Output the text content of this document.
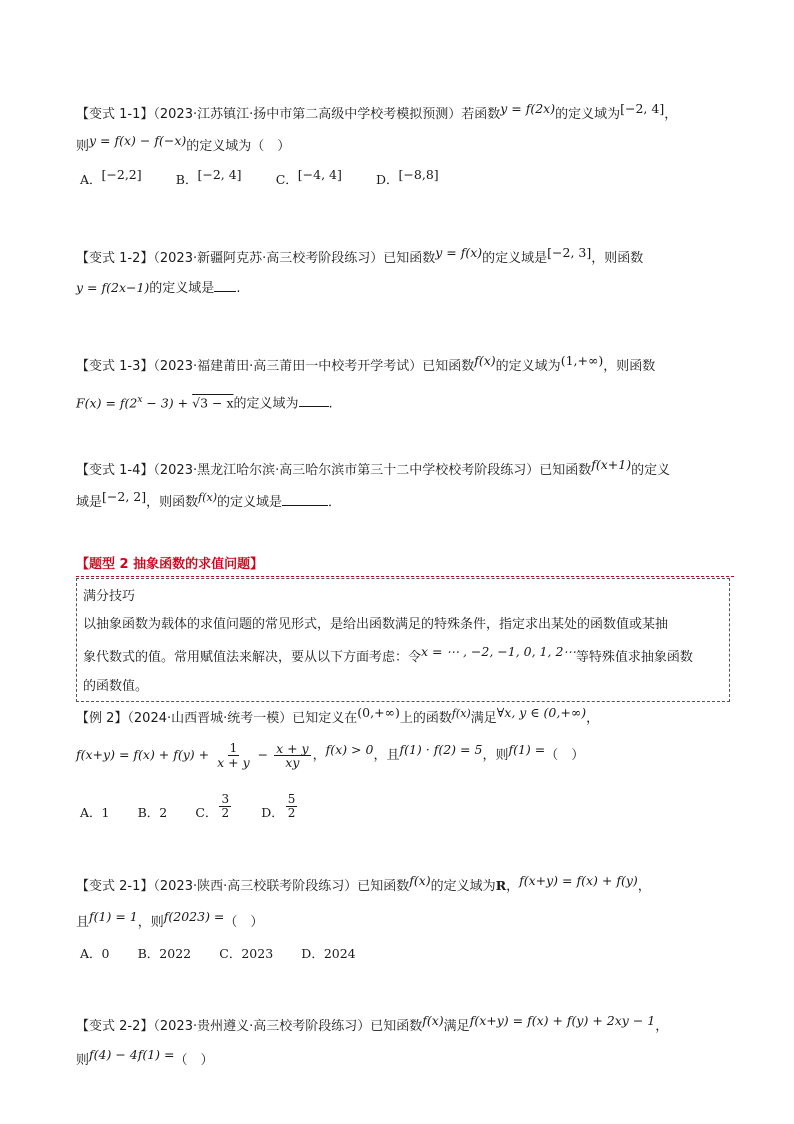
【变式 1-1】（2023·江苏镇江·扬中市第二高级中学校考模拟预测）若函数y = f(2x)的定义域为[−2, 4]，
则y = f(x) − f(−x)的定义域为（　）
A．[−2,2]	B．[−2, 4]	C．[−4, 4]	D．[−8,8]
【变式 1-2】（2023·新疆阿克苏·高三校考阶段练习）已知函数y = f(x)的定义域是[−2, 3]，则函数
y = f(2x−1)的定义域是 .
【变式 1-3】（2023·福建莆田·高三莆田一中校考开学考试）已知函数f(x)的定义域为(1,+∞)，则函数
$F(x) = f(2^x - 3) + √3 - x$的定义域为 .
【变式 1-4】（2023·黑龙江哈尔滨·高三哈尔滨市第三十二中学校校考阶段练习）已知函数f(x+1)的定义
域是[−2, 2]，则函数$^{f(x)}$的定义域是	．
【题型 2 抽象函数的求值问题】
满分技巧
以抽象函数为载体的求值问题的常见形式，是给出函数满足的特殊条件，指定求出某处的函数值或某抽
象代数式的值。常用赋值法来解决，要从以下方面考虑：令x = ⋯ , −2, −1, 0, 1, 2⋯等特殊值求抽象函数
的函数值。
【例 2】（2024·山西晋城·统考一模）已知定义在(0,+∞)上的函数$^{f(x)}$满足∀x, y ∈ (0,+∞)，
$f(x+y) = f(x) + f(y) + \frac{1}{x + y} - \frac{x + y}{xy}$ ，f(x) > 0，且f(1) · f(2) = 5，则f(1) =（　）
A．1 B．2 C． $\frac{3}{2}$ D． $\frac{5}{2}$
【变式 2-1】（2023·陕西·高三校联考阶段练习）已知函数f(x)的定义域为R，f(x+y) = f(x) + f(y)，
且f(1) = 1，则f(2023) =（　）
A．0 B．2022 C．2023 D．2024
【变式 2-2】（2023·贵州遵义·高三校考阶段练习）已知函数f(x)满足f(x+y) = f(x) + f(y) + 2xy − 1，
则f(4) − 4f(1) =（　）
